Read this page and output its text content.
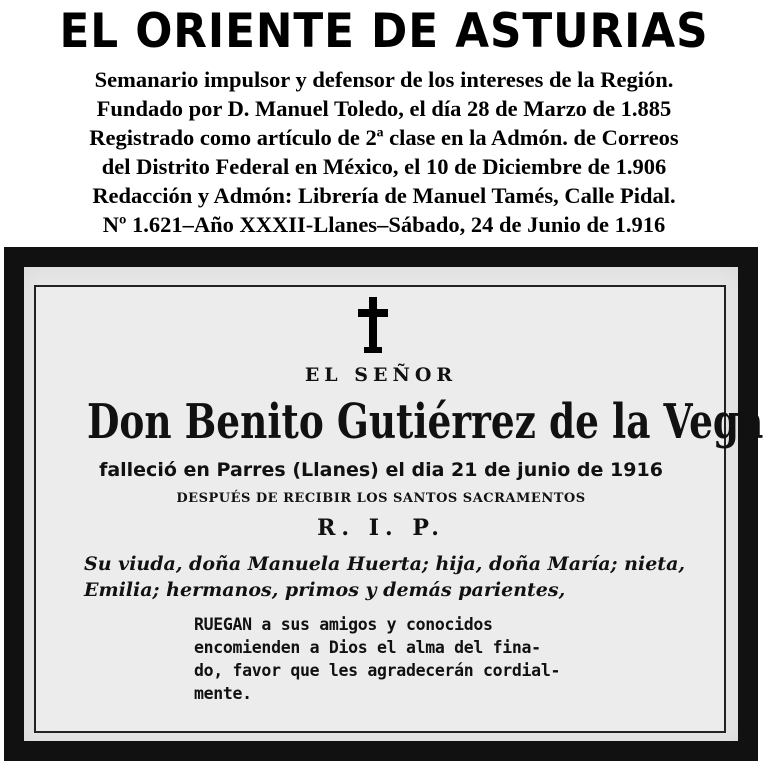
EL ORIENTE DE ASTURIAS
Semanario impulsor y defensor de los intereses de la Región.
Fundado por D. Manuel Toledo, el día 28 de Marzo de 1.885
Registrado como artículo de 2ª clase en la Admón. de Correos
del Distrito Federal en México, el 10 de Diciembre de 1.906
Redacción y Admón: Librería de Manuel Tamés, Calle Pidal.
Nº 1.621–Año XXXII-Llanes–Sábado, 24 de Junio de 1.916
EL SEÑOR
Don Benito Gutiérrez de la Vega
falleció en Parres (Llanes) el dia 21 de junio de 1916
DESPUÉS DE RECIBIR LOS SANTOS SACRAMENTOS
R. I. P.
Su viuda, doña Manuela Huerta; hija, doña María; nieta,
Emilia; hermanos, primos y demás parientes,
RUEGAN a sus amigos y conocidos
encomienden a Dios el alma del fina-
do, favor que les agradecerán cordial-
mente.
